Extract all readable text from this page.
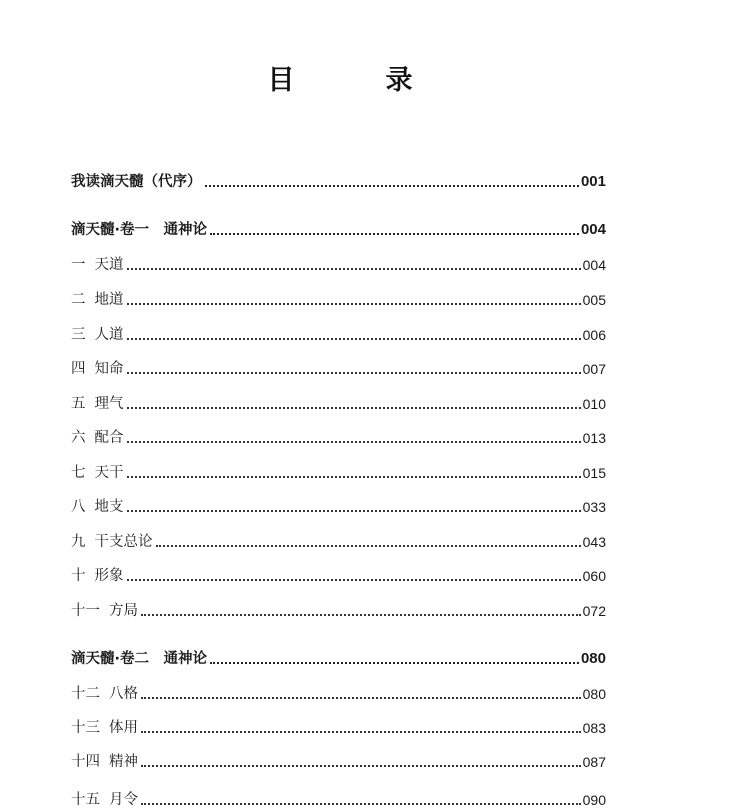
目　录
我读滴天髓（代序）	001
滴天髓·卷一　通神论	004
一 天道	004
二 地道	005
三 人道	006
四 知命	007
五 理气	010
六 配合	013
七 天干	015
八 地支	033
九 干支总论	043
十 形象	060
十一 方局	072
滴天髓·卷二　通神论	080
十二 八格	080
十三 体用	083
十四 精神	087
十五 月令	090
